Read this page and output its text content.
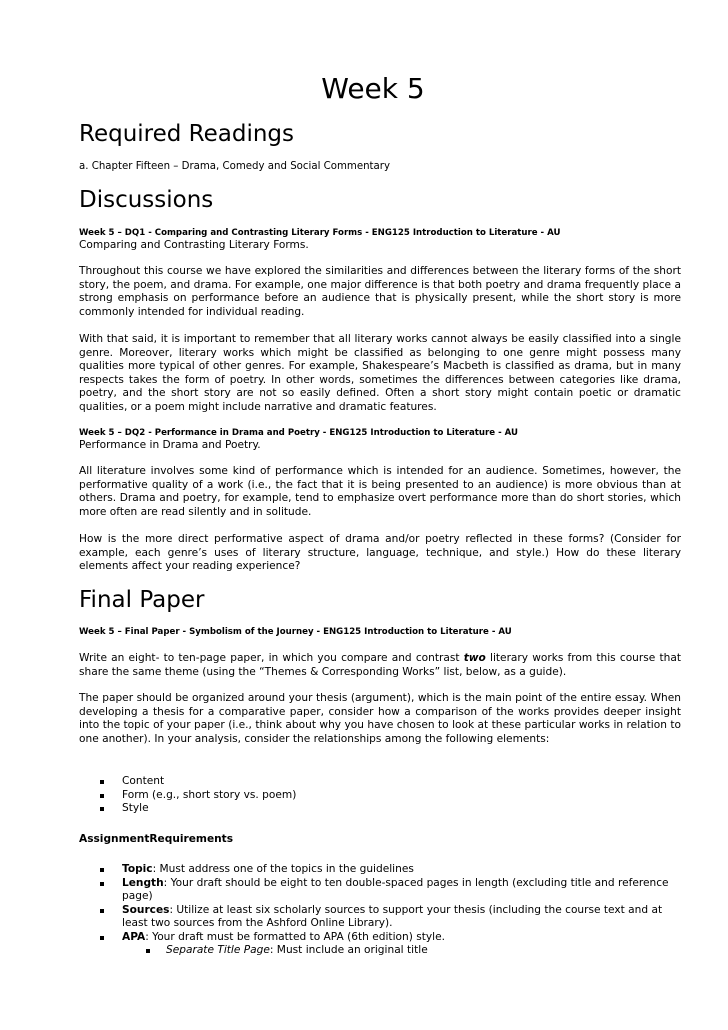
Week 5
Required Readings

a. Chapter Fifteen – Drama, Comedy and Social Commentary

Discussions

Week 5 – DQ1 - Comparing and Contrasting Literary Forms - ENG125 Introduction to Literature - AU

Comparing and Contrasting Literary Forms.

Throughout this course we have explored the similarities and differences between the literary forms of the short story, the poem, and drama. For example, one major difference is that both poetry and drama frequently place a strong emphasis on performance before an audience that is physically present, while the short story is more commonly intended for individual reading.

With that said, it is important to remember that all literary works cannot always be easily classified into a single genre. Moreover, literary works which might be classified as belonging to one genre might possess many qualities more typical of other genres. For example, Shakespeare’s Macbeth is classified as drama, but in many respects takes the form of poetry. In other words, sometimes the differences between categories like drama, poetry, and the short story are not so easily defined. Often a short story might contain poetic or dramatic qualities, or a poem might include narrative and dramatic features.

Week 5 – DQ2 - Performance in Drama and Poetry - ENG125 Introduction to Literature - AU

Performance in Drama and Poetry.

All literature involves some kind of performance which is intended for an audience. Sometimes, however, the performative quality of a work (i.e., the fact that it is being presented to an audience) is more obvious than at others. Drama and poetry, for example, tend to emphasize overt performance more than do short stories, which more often are read silently and in solitude.

How is the more direct performative aspect of drama and/or poetry reflected in these forms? (Consider for example, each genre’s uses of literary structure, language, technique, and style.) How do these literary elements affect your reading experience?

Final Paper

Week 5 – Final Paper - Symbolism of the Journey - ENG125 Introduction to Literature - AU

Write an eight- to ten-page paper, in which you compare and contrast two literary works from this course that share the same theme (using the “Themes & Corresponding Works” list, below, as a guide).

The paper should be organized around your thesis (argument), which is the main point of the entire essay. When developing a thesis for a comparative paper, consider how a comparison of the works provides deeper insight into the topic of your paper (i.e., think about why you have chosen to look at these particular works in relation to one another). In your analysis, consider the relationships among the following elements:

Content
Form (e.g., short story vs. poem)
Style

AssignmentRequirements

Topic: Must address one of the topics in the guidelines
Length: Your draft should be eight to ten double-spaced pages in length (excluding title and reference page)
Sources: Utilize at least six scholarly sources to support your thesis (including the course text and at least two sources from the Ashford Online Library).
APA: Your draft must be formatted to APA (6th edition) style.
Separate Title Page: Must include an original title
